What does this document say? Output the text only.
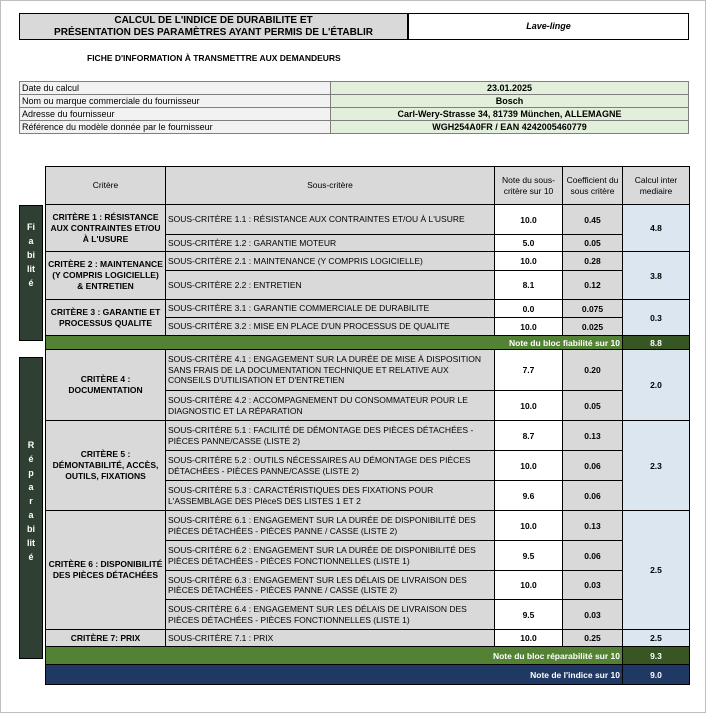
CALCUL DE L'INDICE DE DURABILITE ET
PRÉSENTATION DES PARAMÈTRES AYANT PERMIS DE L'ÉTABLIR
Lave-linge
FICHE D'INFORMATION À TRANSMETTRE AUX DEMANDEURS
Date du calcul	23.01.2025
Nom ou marque commerciale du fournisseur	Bosch
Adresse du fournisseur	Carl-Wery-Strasse 34, 81739 München, ALLEMAGNE
Référence du modèle donnée par le fournisseur	WGH254A0FR / EAN 4242005460779
Fiabilité
Réparabilité
Critère	Sous-critère	Note du sous-critère sur 10	Coefficient du sous critère	Calcul inter mediaire
CRITÈRE 1 : RÉSISTANCE AUX CONTRAINTES ET/OU À L'USURE	SOUS-CRITÈRE 1.1 : RÉSISTANCE AUX CONTRAINTES ET/OU À L'USURE	10.0	0.45	4.8
	SOUS-CRITÈRE 1.2 : GARANTIE MOTEUR	5.0	0.05	
CRITÈRE 2 : MAINTENANCE (Y COMPRIS LOGICIELLE) & ENTRETIEN	SOUS-CRITÈRE 2.1 : MAINTENANCE (Y COMPRIS LOGICIELLE)	10.0	0.28	3.8
	SOUS-CRITÈRE 2.2 : ENTRETIEN	8.1	0.12	
CRITÈRE 3 : GARANTIE ET PROCESSUS QUALITE	SOUS-CRITÈRE 3.1 : GARANTIE COMMERCIALE DE DURABILITE	0.0	0.075	0.3
	SOUS-CRITÈRE 3.2 : MISE EN PLACE D'UN PROCESSUS DE QUALITE	10.0	0.025	
Note du bloc fiabilité sur 10				8.8
CRITÈRE 4 : DOCUMENTATION	SOUS-CRITÈRE 4.1 : ENGAGEMENT SUR LA DURÉE DE MISE À DISPOSITION SANS FRAIS DE LA DOCUMENTATION TECHNIQUE ET RELATIVE AUX CONSEILS D'UTILISATION ET D'ENTRETIEN	7.7	0.20	2.0
	SOUS-CRITÈRE 4.2 : ACCOMPAGNEMENT DU CONSOMMATEUR POUR LE DIAGNOSTIC ET LA RÉPARATION	10.0	0.05	
CRITÈRE 5 : DÉMONTABILITÉ, ACCÈS, OUTILS, FIXATIONS	SOUS-CRITÈRE 5.1 : FACILITÉ DE DÉMONTAGE DES PIÈCES DÉTACHÉES - PIÈCES PANNE/CASSE (LISTE 2)	8.7	0.13	2.3
	SOUS-CRITÈRE 5.2 : OUTILS NÉCESSAIRES AU DÉMONTAGE DES PIÈCES DÉTACHÉES - PIÈCES PANNE/CASSE (LISTE 2)	10.0	0.06	
	SOUS-CRITÈRE 5.3 : CARACTÉRISTIQUES DES FIXATIONS POUR L'ASSEMBLAGE DES PIèceS DES LISTES 1 ET 2	9.6	0.06	
CRITÈRE 6 : DISPONIBILITÉ DES PIÈCES DÉTACHÉES	SOUS-CRITÈRE 6.1 : ENGAGEMENT SUR LA DURÉE DE DISPONIBILITÉ DES PIÈCES DÉTACHÉES - PIÈCES PANNE / CASSE (LISTE 2)	10.0	0.13	2.5
	SOUS-CRITÈRE 6.2 : ENGAGEMENT SUR LA DURÉE DE DISPONIBILITÉ DES PIÈCES DÉTACHÉES - PIÈCES FONCTIONNELLES (LISTE 1)	9.5	0.06	
	SOUS-CRITÈRE 6.3 : ENGAGEMENT SUR LES DÉLAIS DE LIVRAISON DES PIÈCES DÉTACHÉES - PIÈCES PANNE / CASSE (LISTE 2)	10.0	0.03	
	SOUS-CRITÈRE 6.4 : ENGAGEMENT SUR LES DÉLAIS DE LIVRAISON DES PIÈCES DÉTACHÉES - PIÈCES FONCTIONNELLES (LISTE 1)	9.5	0.03	
CRITÈRE 7: PRIX	SOUS-CRITÈRE 7.1 : PRIX	10.0	0.25	2.5
Note du bloc réparabilité sur 10				9.3
Note de l'indice sur 10				9.0
